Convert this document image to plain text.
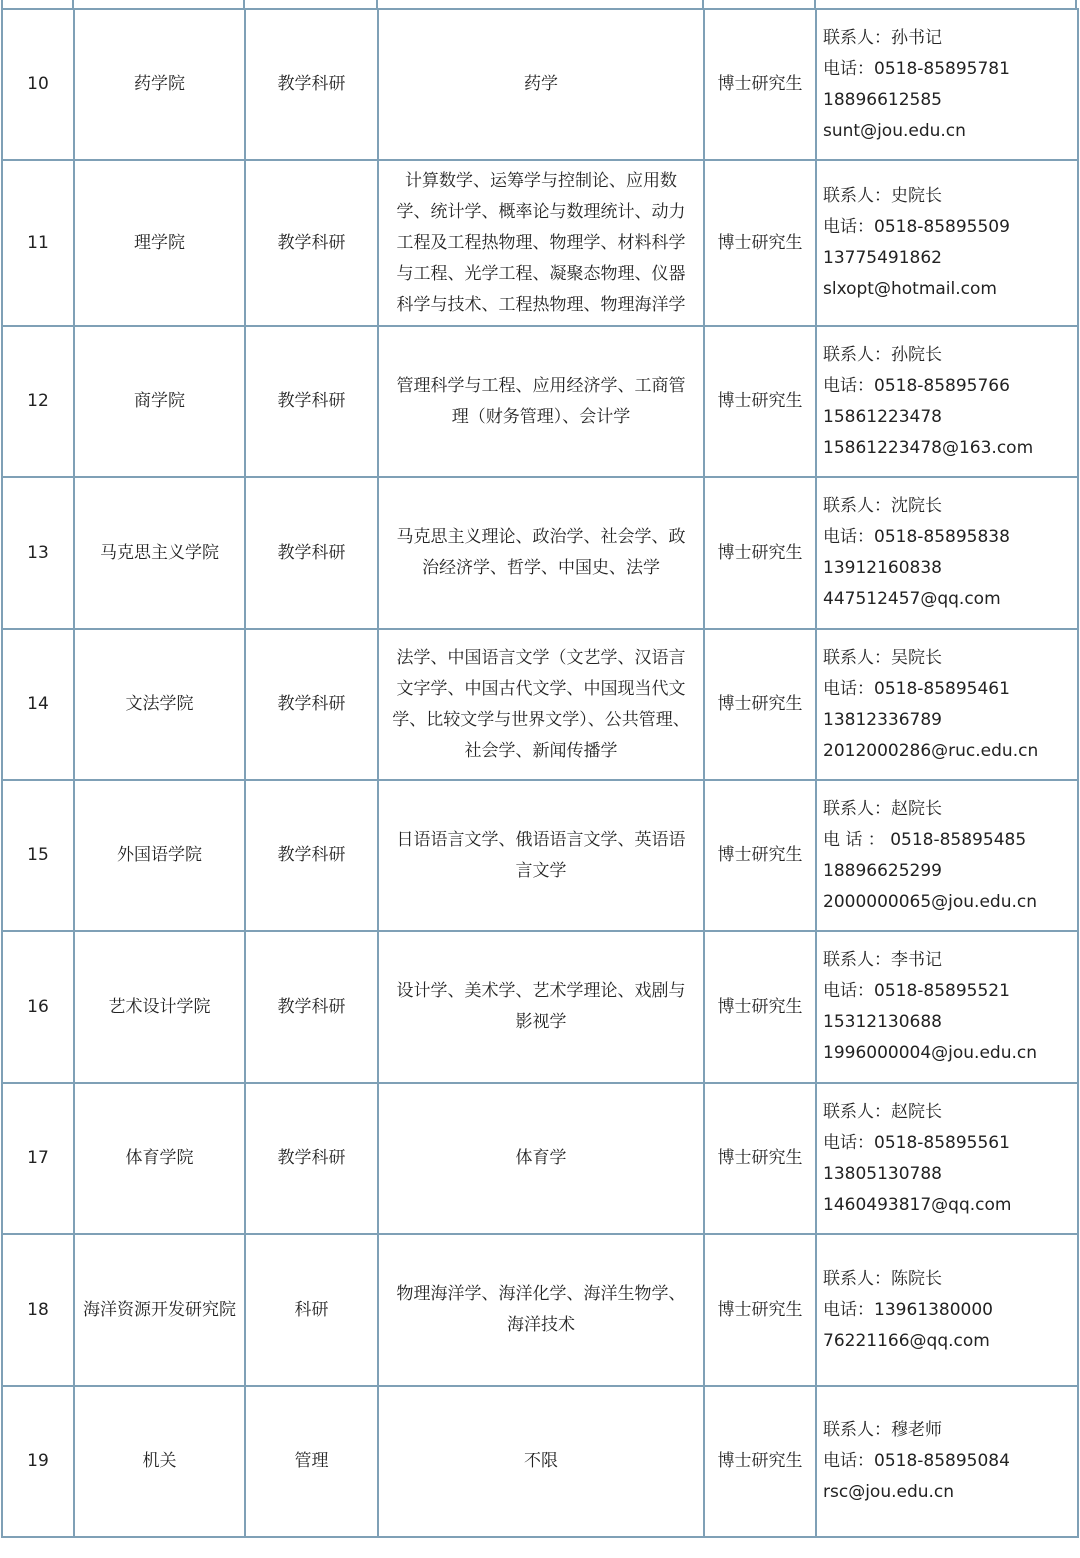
10	药学院	教学科研	药学	博士研究生	联系人：孙书记
电话：0518-85895781
18896612585
sunt@jou.edu.cn

11	理学院	教学科研	计算数学、运筹学与控制论、应用数学、统计学、概率论与数理统计、动力工程及工程热物理、物理学、材料科学与工程、光学工程、凝聚态物理、仪器科学与技术、工程热物理、物理海洋学	博士研究生	联系人：史院长
电话：0518-85895509
13775491862
slxopt@hotmail.com

12	商学院	教学科研	管理科学与工程、应用经济学、工商管理（财务管理）、会计学	博士研究生	联系人：孙院长
电话：0518-85895766
15861223478
15861223478@163.com

13	马克思主义学院	教学科研	马克思主义理论、政治学、社会学、政治经济学、哲学、中国史、法学	博士研究生	联系人：沈院长
电话：0518-85895838
13912160838
447512457@qq.com

14	文法学院	教学科研	法学、中国语言文学（文艺学、汉语言文字学、中国古代文学、中国现当代文学、比较文学与世界文学）、公共管理、社会学、新闻传播学	博士研究生	联系人：吴院长
电话：0518-85895461
13812336789
2012000286@ruc.edu.cn

15	外国语学院	教学科研	日语语言文学、俄语语言文学、英语语言文学	博士研究生	联系人：赵院长
电 话 ： 0518-85895485
18896625299
2000000065@jou.edu.cn

16	艺术设计学院	教学科研	设计学、美术学、艺术学理论、戏剧与影视学	博士研究生	联系人：李书记
电话：0518-85895521
15312130688
1996000004@jou.edu.cn

17	体育学院	教学科研	体育学	博士研究生	联系人：赵院长
电话：0518-85895561
13805130788
1460493817@qq.com

18	海洋资源开发研究院	科研	物理海洋学、海洋化学、海洋生物学、海洋技术	博士研究生	联系人：陈院长
电话：13961380000
76221166@qq.com

19	机关	管理	不限	博士研究生	联系人：穆老师
电话：0518-85895084
rsc@jou.edu.cn
